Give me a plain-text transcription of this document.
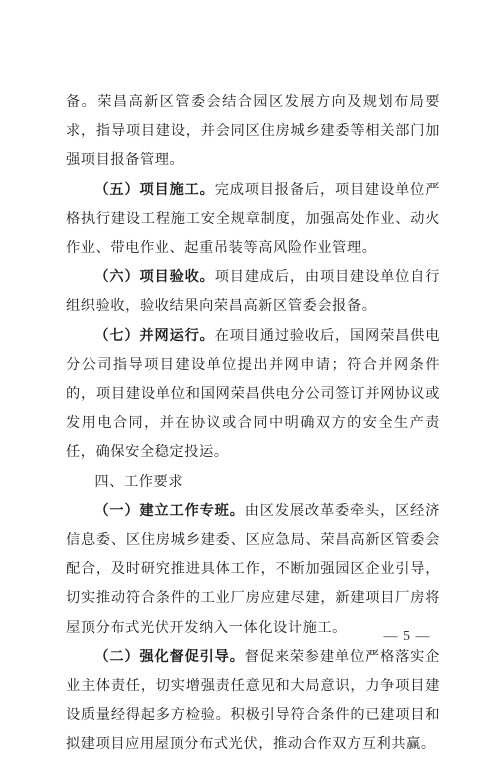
备。荣昌高新区管委会结合园区发展方向及规划布局要求，指导项目建设，并会同区住房城乡建委等相关部门加强项目报备管理。

（五）项目施工。完成项目报备后，项目建设单位严格执行建设工程施工安全规章制度，加强高处作业、动火作业、带电作业、起重吊装等高风险作业管理。

（六）项目验收。项目建成后，由项目建设单位自行组织验收，验收结果向荣昌高新区管委会报备。

（七）并网运行。在项目通过验收后，国网荣昌供电分公司指导项目建设单位提出并网申请；符合并网条件的，项目建设单位和国网荣昌供电分公司签订并网协议或发用电合同，并在协议或合同中明确双方的安全生产责任，确保安全稳定投运。

四、工作要求

（一）建立工作专班。由区发展改革委牵头，区经济信息委、区住房城乡建委、区应急局、荣昌高新区管委会配合，及时研究推进具体工作，不断加强园区企业引导，切实推动符合条件的工业厂房应建尽建，新建项目厂房将屋顶分布式光伏开发纳入一体化设计施工。

（二）强化督促引导。督促来荣参建单位严格落实企业主体责任，切实增强责任意见和大局意识，力争项目建设质量经得起多方检验。积极引导符合条件的已建项目和拟建项目应用屋顶分布式光伏，推动合作双方互利共赢。

— 5 —
